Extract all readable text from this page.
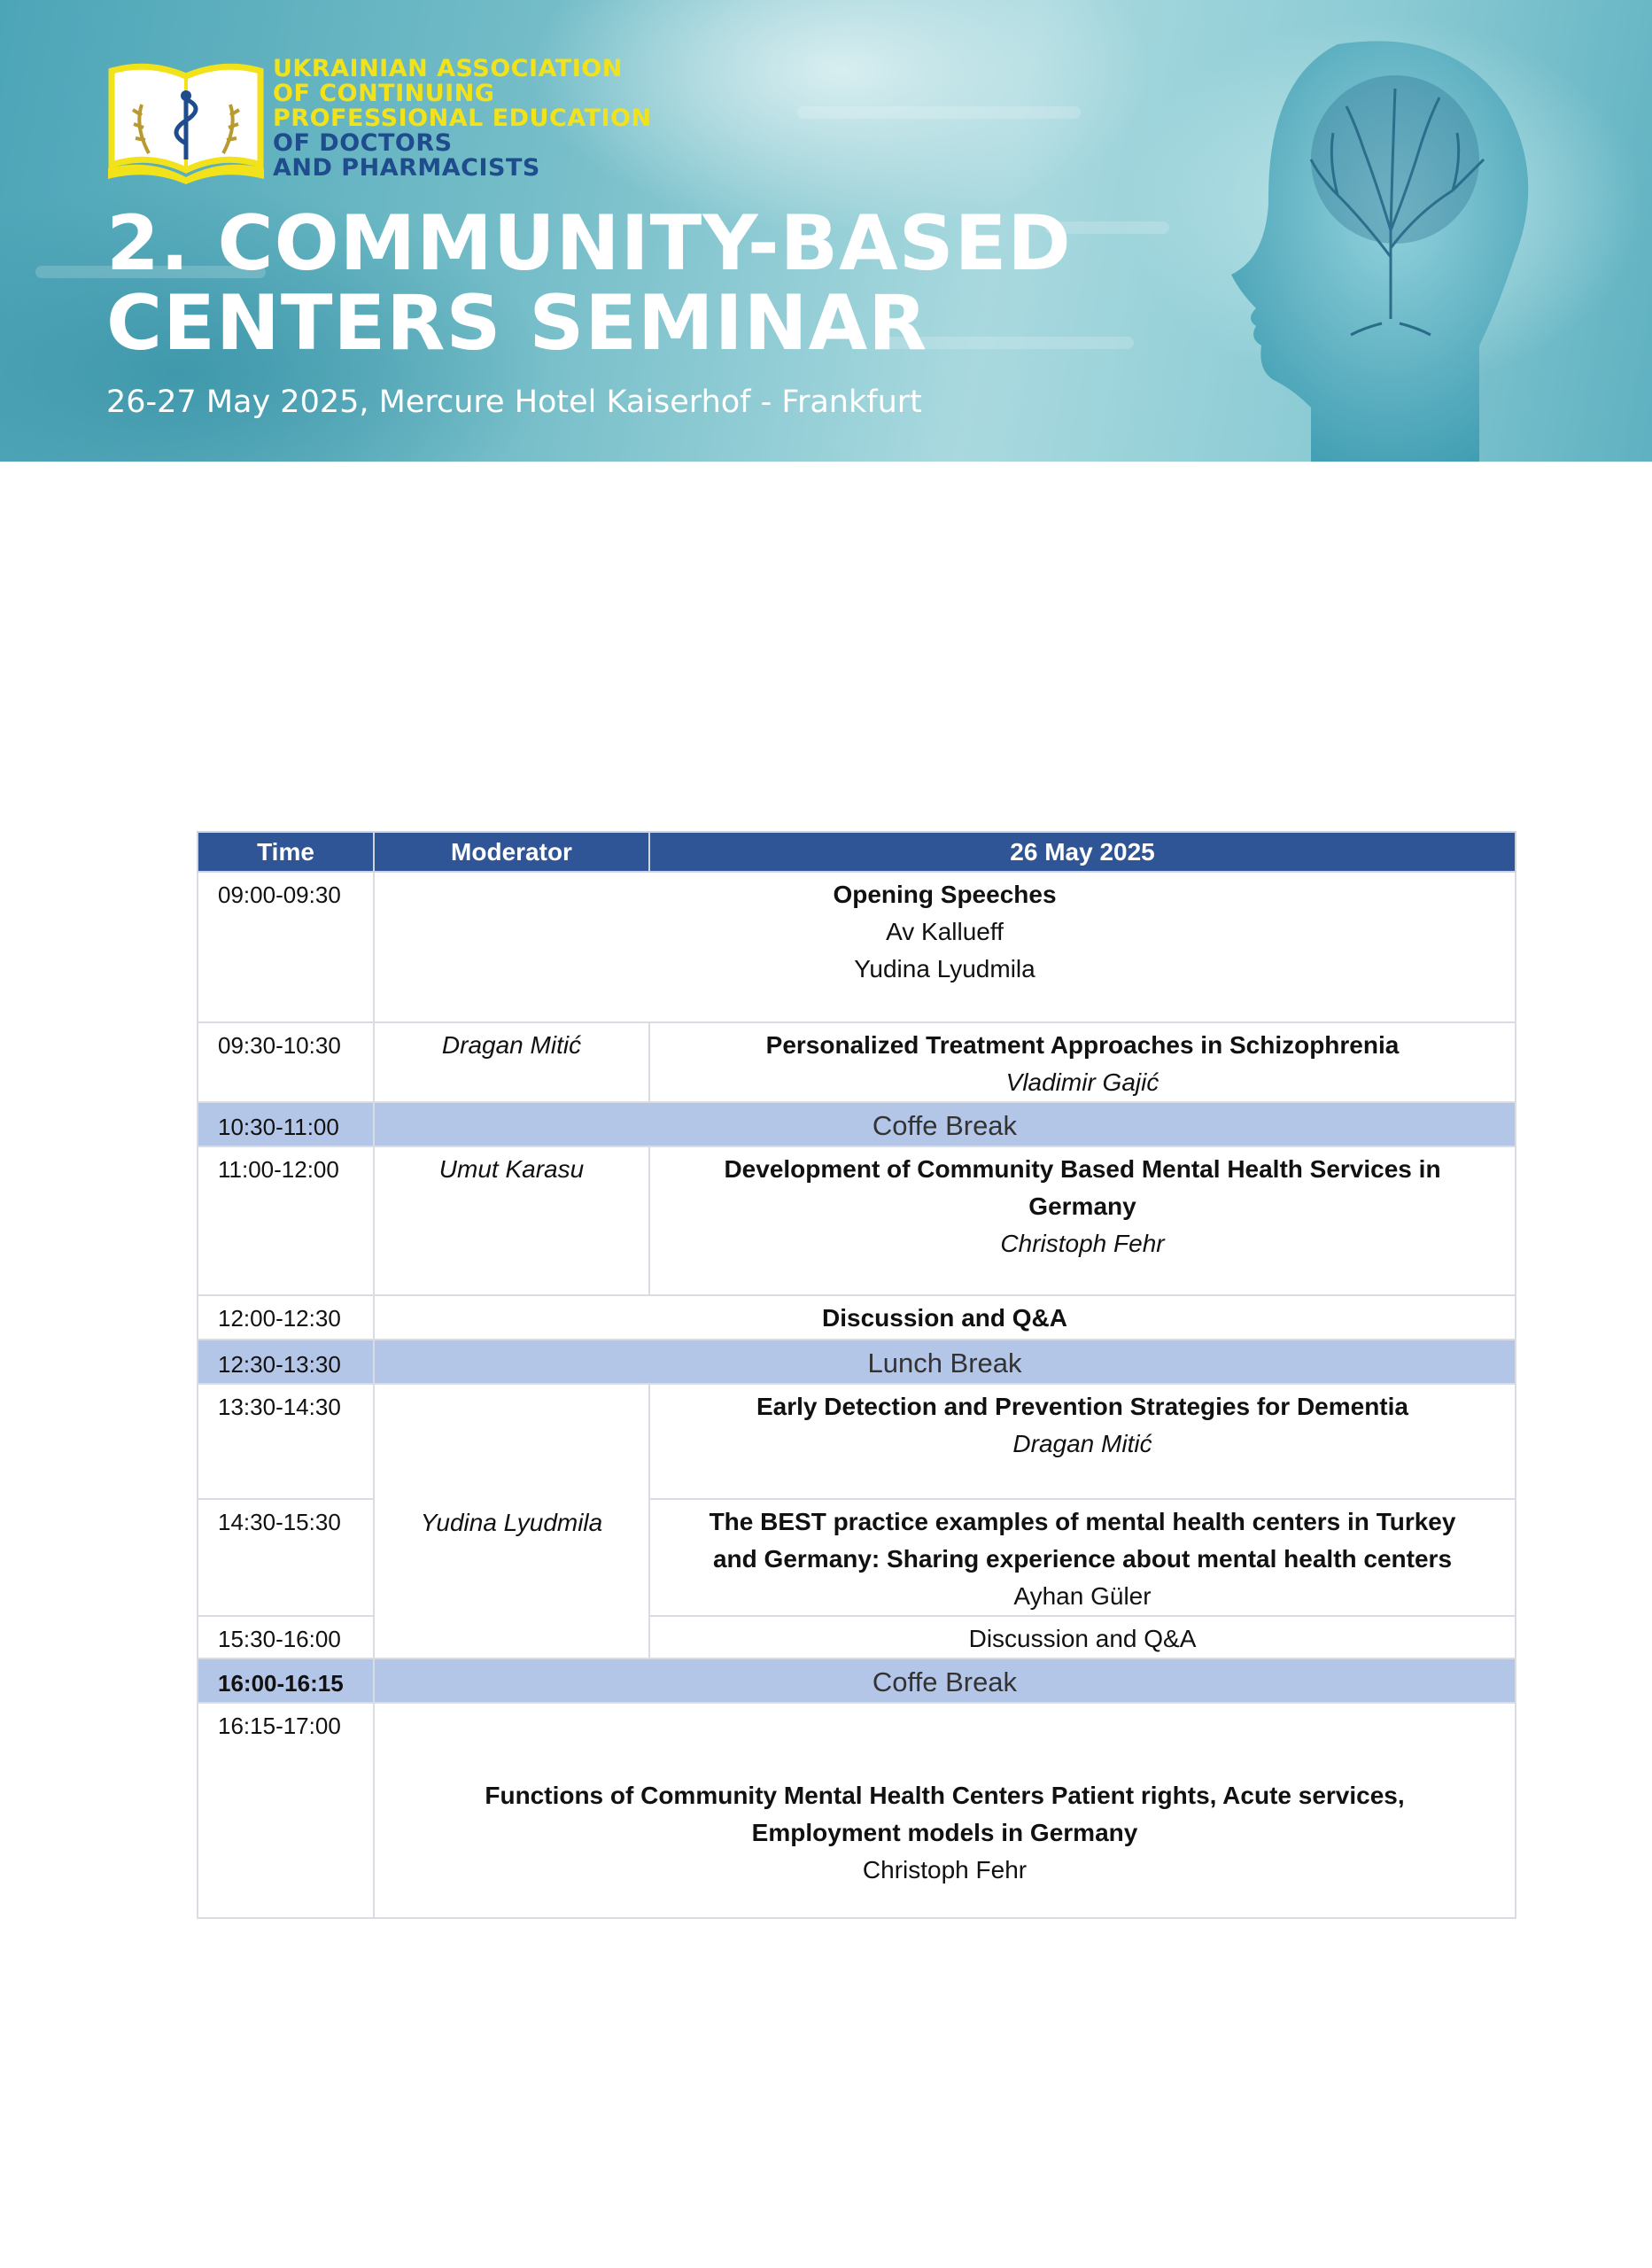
UKRAINIAN ASSOCIATION
OF CONTINUING
PROFESSIONAL EDUCATION
OF DOCTORS
AND PHARMACISTS
2. COMMUNITY-BASED
CENTERS SEMINAR
26-27 May 2025, Mercure Hotel Kaiserhof - Frankfurt
Time	Moderator	26 May 2025
09:00-09:30	Opening Speeches
Av Kallueff
Yudina Lyudmila	

09:30-10:30	Dragan Mitić	Personalized Treatment Approaches in Schizophrenia
Vladimir Gajić

10:30-11:00	Coffe Break	
11:00-12:00	Umut Karasu	Development of Community Based Mental Health Services in
Germany
Christoph Fehr

12:00-12:30	Discussion and Q&A	
12:30-13:30	Lunch Break	
13:30-14:30	Yudina Lyudmila	Early Detection and Prevention Strategies for Dementia
Dragan Mitić

14:30-15:30		The BEST practice examples of mental health centers in Turkey
and Germany: Sharing experience about mental health centers
Ayhan Güler

15:30-16:00		Discussion and Q&A
16:00-16:15	Coffe Break	
16:15-17:00	Functions of Community Mental Health Centers Patient rights, Acute services,
Employment models in Germany
Christoph Fehr	
